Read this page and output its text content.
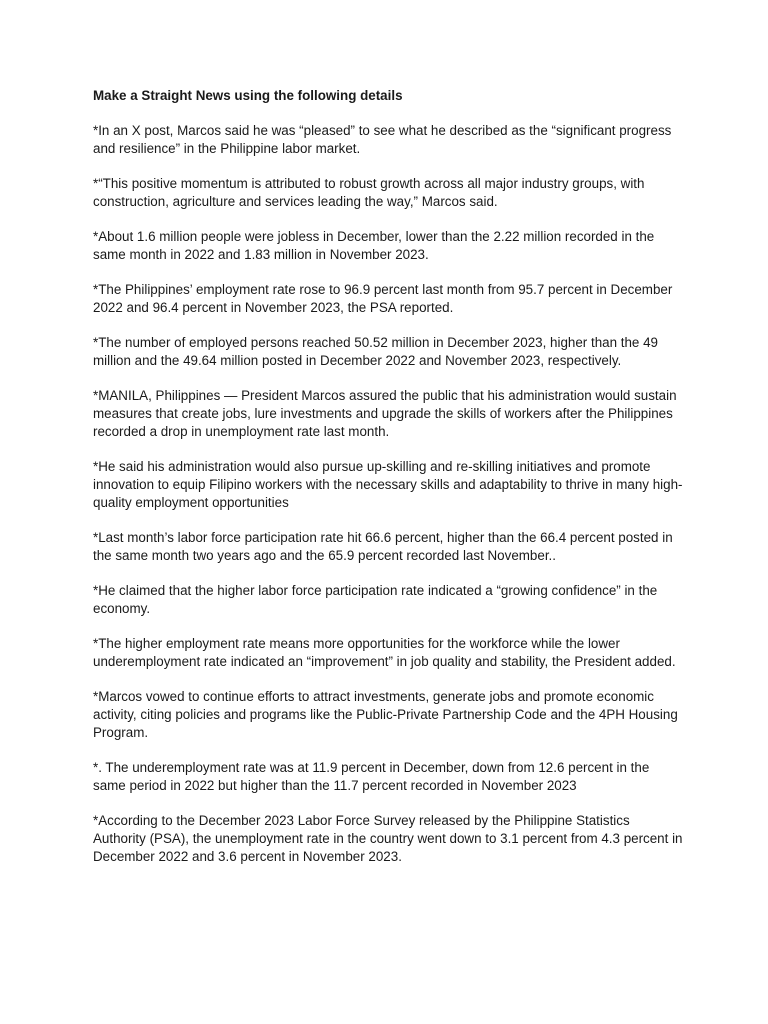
Make a Straight News using the following details
*In an X post, Marcos said he was “pleased” to see what he described as the “significant progress and resilience” in the Philippine labor market.
*“This positive momentum is attributed to robust growth across all major industry groups, with construction, agriculture and services leading the way,” Marcos said.
*About 1.6 million people were jobless in December, lower than the 2.22 million recorded in the same month in 2022 and 1.83 million in November 2023.
*The Philippines’ employment rate rose to 96.9 percent last month from 95.7 percent in December 2022 and 96.4 percent in November 2023, the PSA reported.
*The number of employed persons reached 50.52 million in December 2023, higher than the 49 million and the 49.64 million posted in December 2022 and November 2023, respectively.
*MANILA, Philippines — President Marcos assured the public that his administration would sustain measures that create jobs, lure investments and upgrade the skills of workers after the Philippines recorded a drop in unemployment rate last month.
*He said his administration would also pursue up-skilling and re-skilling initiatives and promote innovation to equip Filipino workers with the necessary skills and adaptability to thrive in many high-quality employment opportunities
*Last month’s labor force participation rate hit 66.6 percent, higher than the 66.4 percent posted in the same month two years ago and the 65.9 percent recorded last November..
*He claimed that the higher labor force participation rate indicated a “growing confidence” in the economy.
*The higher employment rate means more opportunities for the workforce while the lower underemployment rate indicated an “improvement” in job quality and stability, the President added.
*Marcos vowed to continue efforts to attract investments, generate jobs and promote economic activity, citing policies and programs like the Public-Private Partnership Code and the 4PH Housing Program.
*. The underemployment rate was at 11.9 percent in December, down from 12.6 percent in the same period in 2022 but higher than the 11.7 percent recorded in November 2023
*According to the December 2023 Labor Force Survey released by the Philippine Statistics Authority (PSA), the unemployment rate in the country went down to 3.1 percent from 4.3 percent in December 2022 and 3.6 percent in November 2023.
